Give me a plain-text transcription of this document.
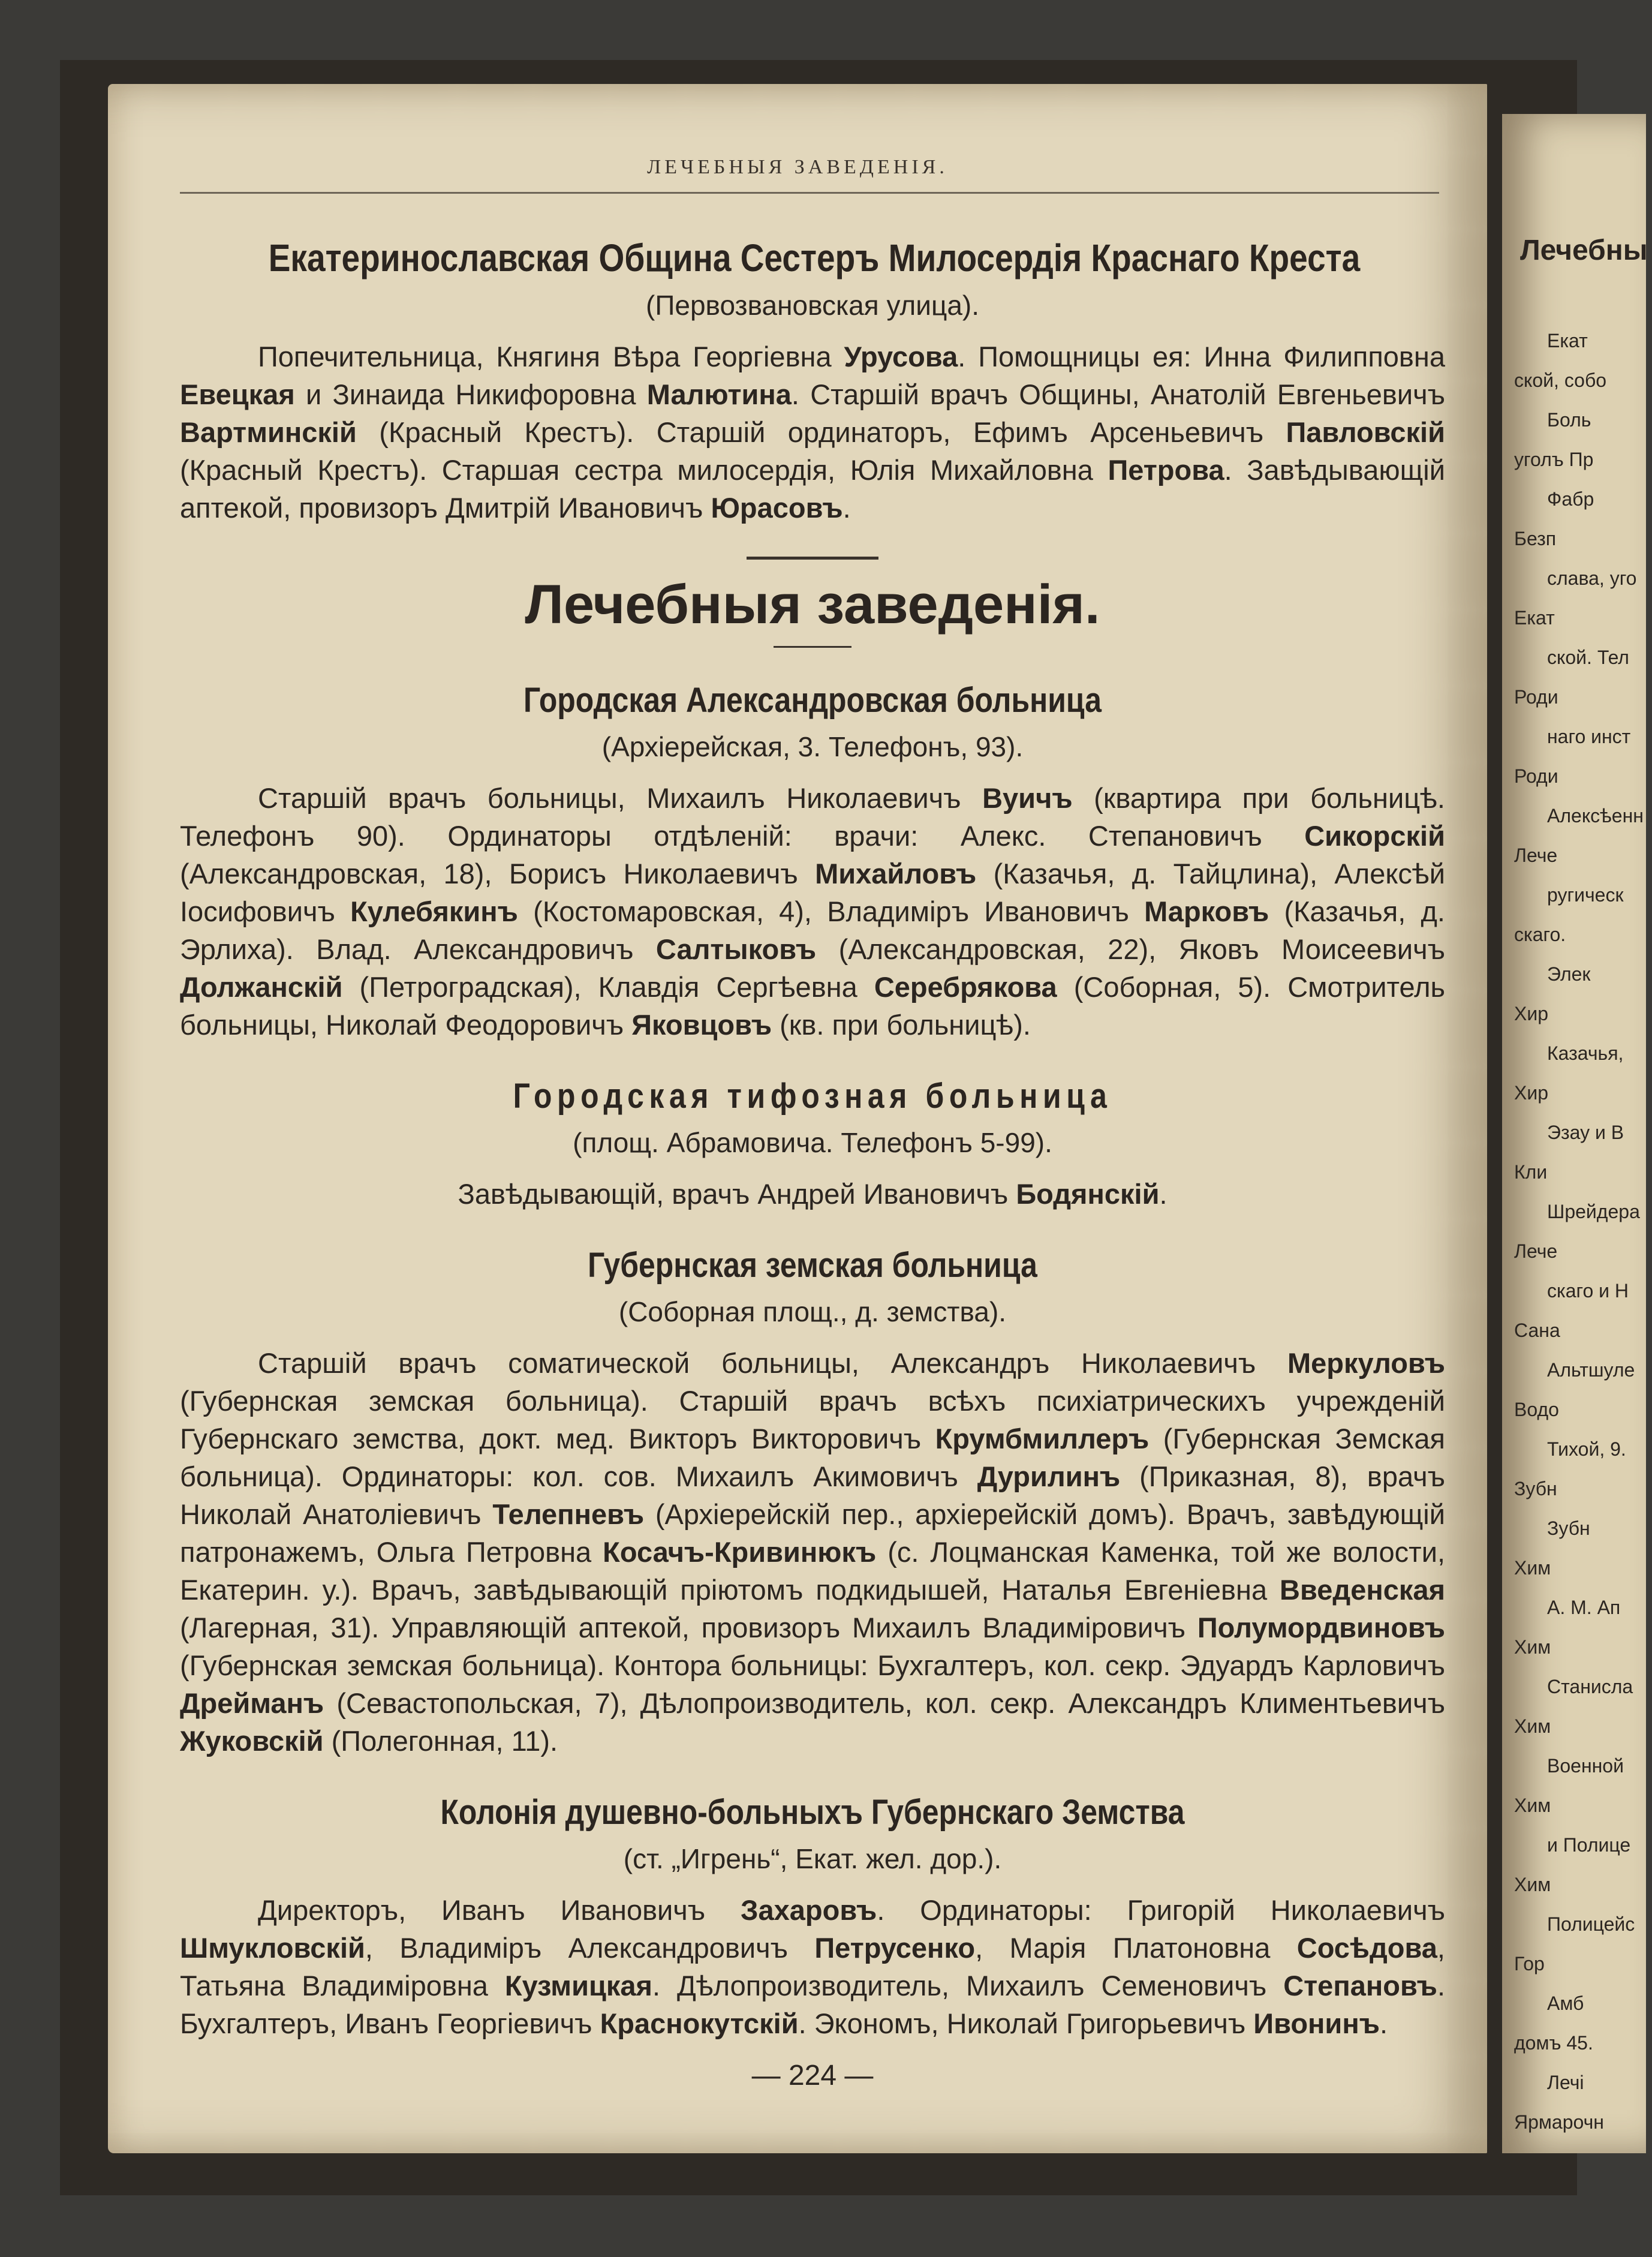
ЛЕЧЕБНЫЯ ЗАВЕДЕНІЯ.
Екатеринославская Община Сестеръ Милосердія Краснаго Креста
(Первозвановская улица).

Попечительница, Княгиня Вѣра Георгіевна Урусова. Помощницы ея: Инна Филипповна Евецкая и Зинаида Никифоровна Малютина. Старшій врачъ Общины, Анатолій Евгеньевичъ Вартминскій (Красный Крестъ). Старшій ординаторъ, Ефимъ Арсеньевичъ Павловскій (Красный Крестъ). Старшая сестра милосердія, Юлія Михайловна Петрова. Завѣдывающій аптекой, провизоръ Дмитрій Ивановичъ Юрасовъ.

Лечебныя заведенія.
Городская Александровская больница
(Архіерейская, 3. Телефонъ, 93).

Старшій врачъ больницы, Михаилъ Николаевичъ Вуичъ (квартира при больницѣ. Телефонъ 90). Ординаторы отдѣленій: врачи: Алекс. Степановичъ Сикорскій (Александровская, 18), Борисъ Николаевичъ Михайловъ (Казачья, д. Тайцлина), Алексѣй Іосифовичъ Кулебякинъ (Костомаровская, 4), Владиміръ Ивановичъ Марковъ (Казачья, д. Эрлиха). Влад. Александровичъ Салтыковъ (Александровская, 22), Яковъ Моисеевичъ Должанскій (Петроградская), Клавдія Сергѣевна Серебрякова (Соборная, 5). Смотритель больницы, Николай Феодоровичъ Яковцовъ (кв. при больницѣ).

Городская тифозная больница
(площ. Абрамовича. Телефонъ 5-99).

Завѣдывающій, врачъ Андрей Ивановичъ Бодянскій.

Губернская земская больница
(Соборная площ., д. земства).

Старшій врачъ соматической больницы, Александръ Николаевичъ Меркуловъ (Губернская земская больница). Старшій врачъ всѣхъ психіатрическихъ учрежденій Губернскаго земства, докт. мед. Викторъ Викторовичъ Крумбмиллеръ (Губернская Земская больница). Ординаторы: кол. сов. Михаилъ Акимовичъ Дурилинъ (Приказная, 8), врачъ Николай Анатоліевичъ Телепневъ (Архіерейскій пер., архіерейскій домъ). Врачъ, завѣдующій патронажемъ, Ольга Петровна Косачъ-Кривинюкъ (с. Лоцманская Каменка, той же волости, Екатерин. у.). Врачъ, завѣдывающій пріютомъ подкидышей, Наталья Евгеніевна Введенская (Лагерная, 31). Управляющій аптекой, провизоръ Михаилъ Владиміровичъ Полумордвиновъ (Губернская земская больница). Контора больницы: Бухгалтеръ, кол. секр. Эдуардъ Карловичъ Дрейманъ (Севастопольская, 7), Дѣлопроизводитель, кол. секр. Александръ Климентьевичъ Жуковскій (Полегонная, 11).

Колонія душевно-больныхъ Губернскаго Земства
(ст. „Игрень“, Екат. жел. дор.).

Директоръ, Иванъ Ивановичъ Захаровъ. Ординаторы: Григорій Николаевичъ Шмукловскій, Владиміръ Александровичъ Петрусенко, Марія Платоновна Сосѣдова, Татьяна Владиміровна Кузмицкая. Дѣлопроизводитель, Михаилъ Семеновичъ Степановъ. Бухгалтеръ, Иванъ Георгіевичъ Краснокутскій. Экономъ, Николай Григорьевичъ Ивонинъ.

— 224 —
Лечебны
Екат
ской, собо
Боль
уголъ Пр
Фабр
Безп
слава, уго
Екат
ской. Тел
Роди
наго инст
Роди
Алексѣенн
Лече
ругическ
скаго.
Элек
Хир
Казачья,
Хир
Эзау и В
Кли
Шрейдера
Лече
скаго и Н
Сана
Альтшуле
Водо
Тихой, 9.
Зубн
Зубн
Хим
А. М. Ап
Хим
Станисла
Хим
Военной
Хим
и Полице
Хим
Полицейс
Гор
Амб
домъ 45.
Лечі
Ярмарочн
